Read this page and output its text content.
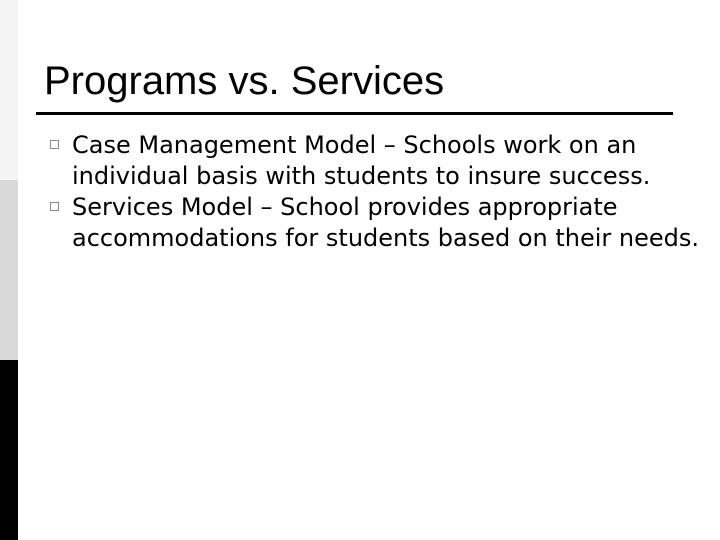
Programs vs. Services
Case Management Model – Schools work on an individual basis with students to insure success.
Services Model – School provides appropriate accommodations for students based on their needs.
